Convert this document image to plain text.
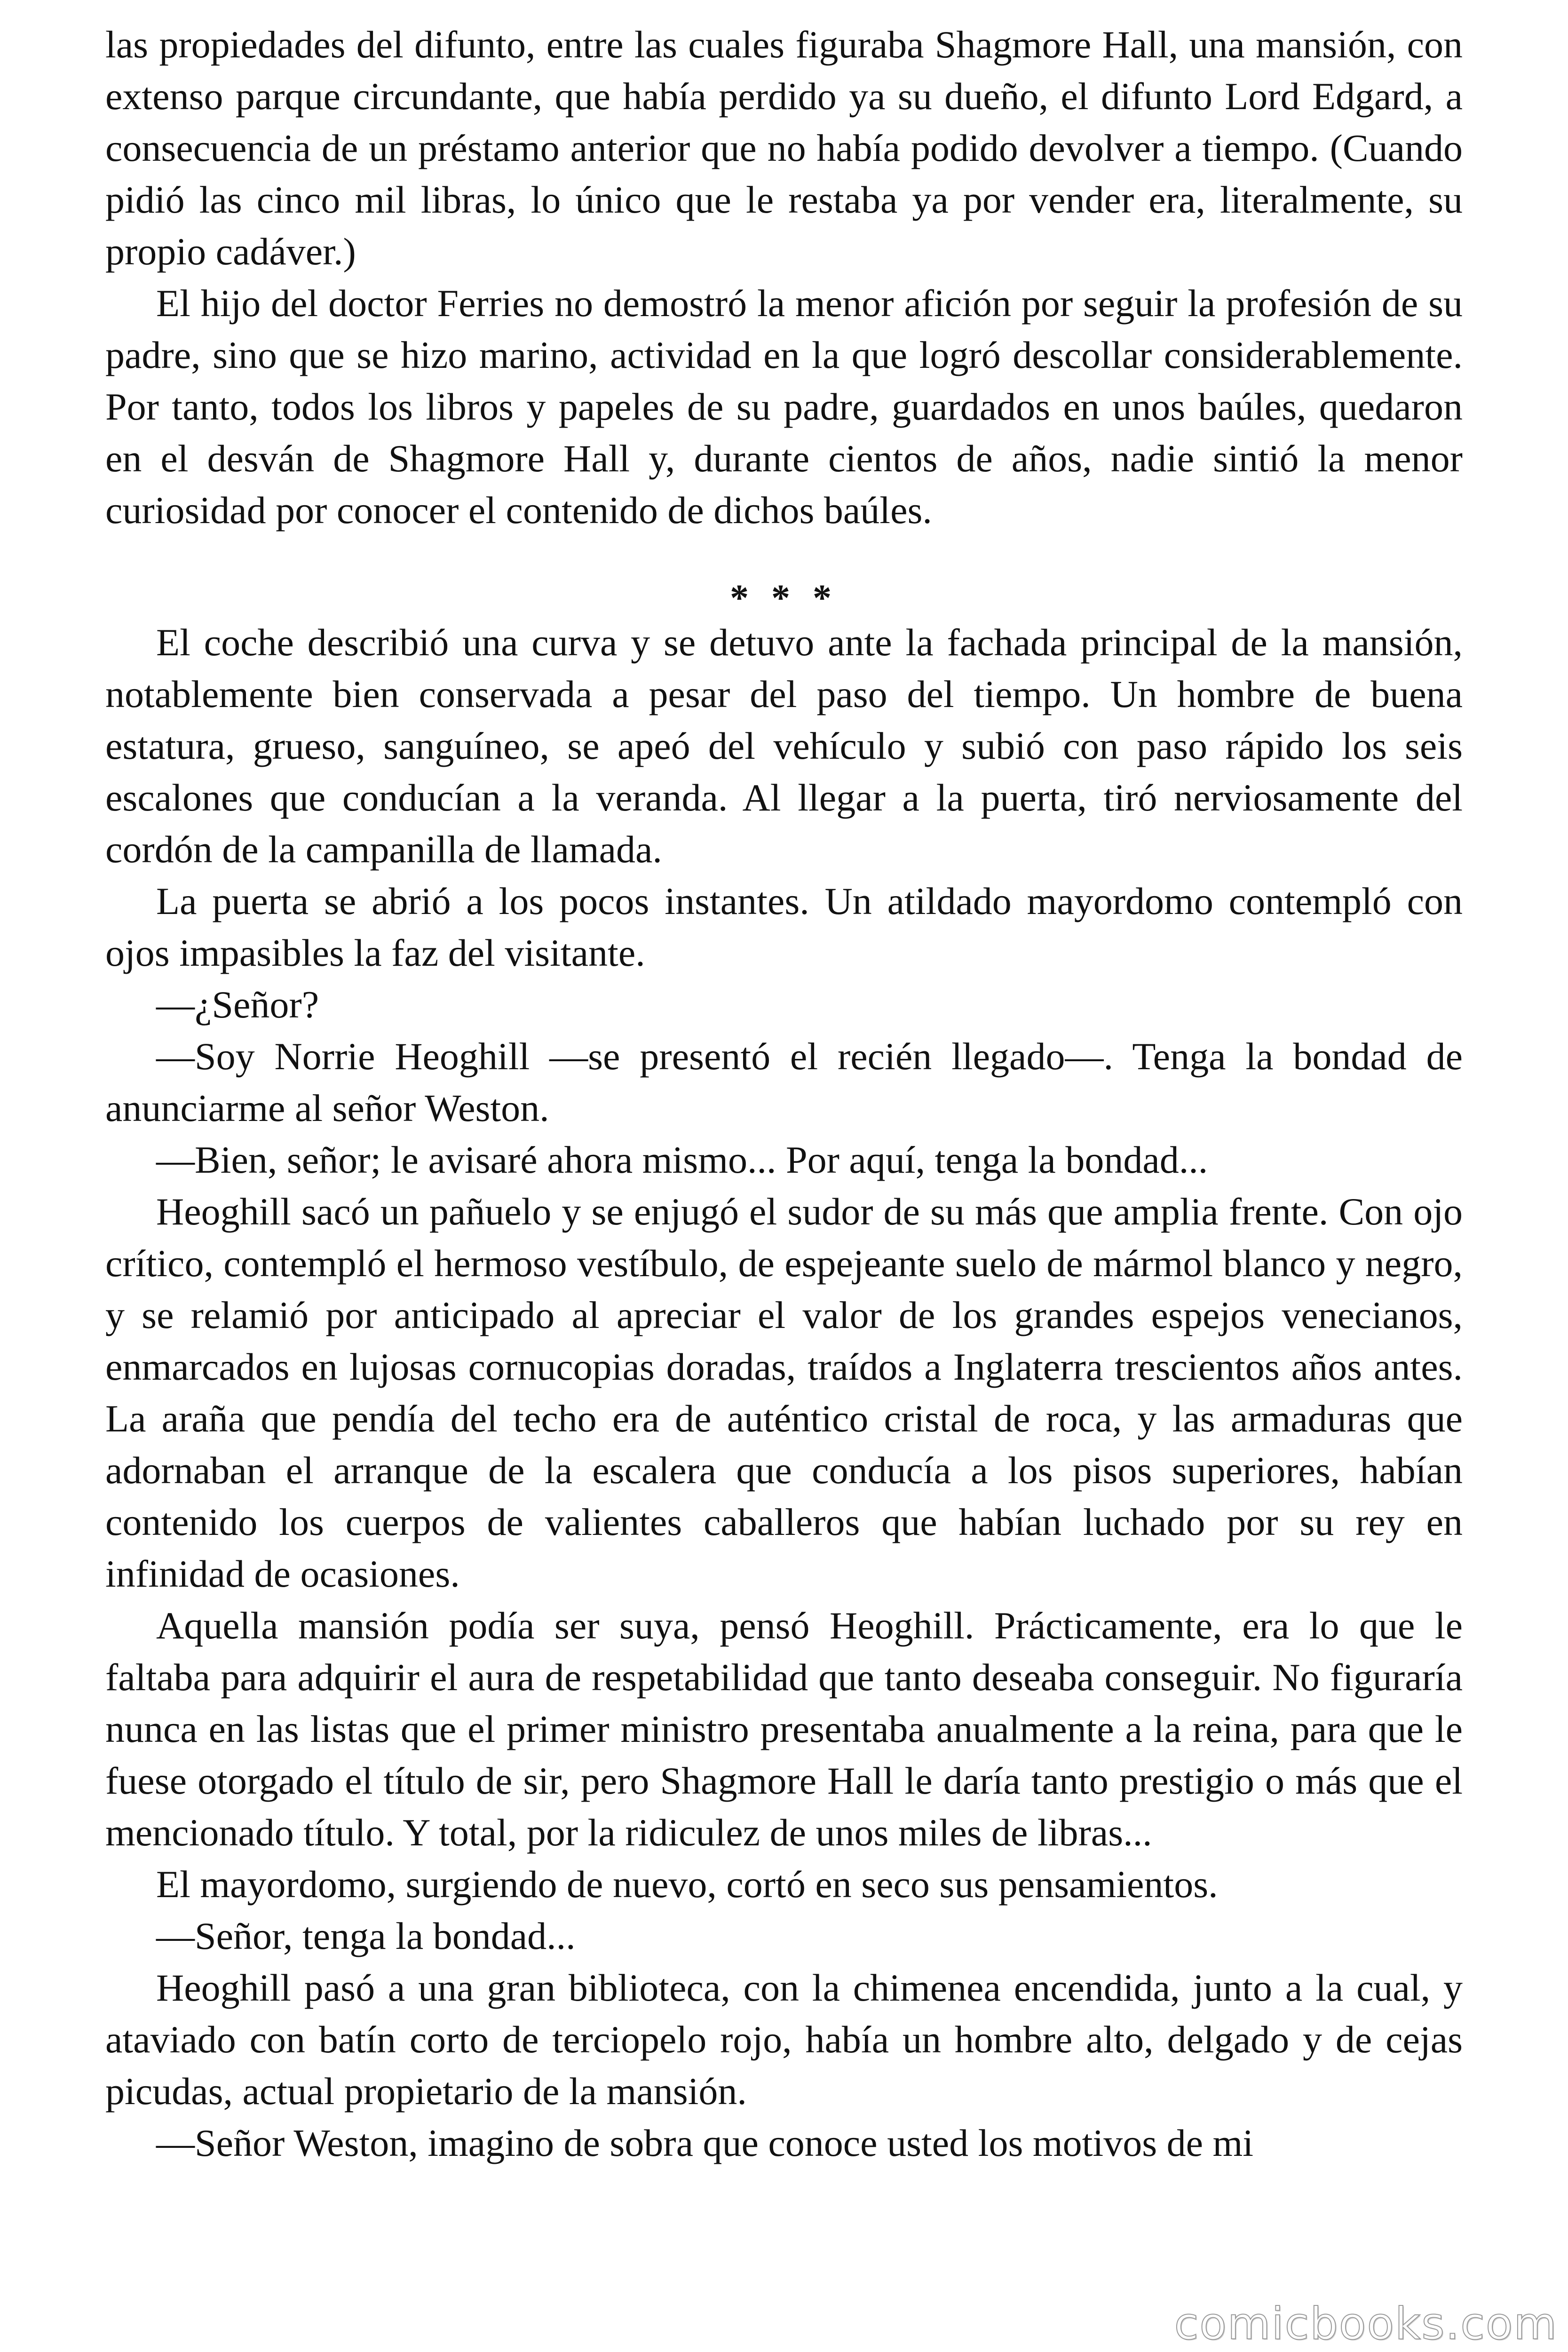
las propiedades del difunto, entre las cuales figuraba Shagmore Hall, una mansión, con extenso parque circundante, que había perdido ya su dueño, el difunto Lord Edgard, a consecuencia de un préstamo anterior que no había podido devolver a tiempo. (Cuando pidió las cinco mil libras, lo único que le restaba ya por vender era, literalmente, su propio cadáver.)

El hijo del doctor Ferries no demostró la menor afición por seguir la profesión de su padre, sino que se hizo marino, actividad en la que logró descollar considerablemente. Por tanto, todos los libros y papeles de su padre, guardados en unos baúles, quedaron en el desván de Shagmore Hall y, durante cientos de años, nadie sintió la menor curiosidad por conocer el contenido de dichos baúles.

* * *

El coche describió una curva y se detuvo ante la fachada principal de la mansión, notablemente bien conservada a pesar del paso del tiempo. Un hombre de buena estatura, grueso, sanguíneo, se apeó del vehículo y subió con paso rápido los seis escalones que conducían a la veranda. Al llegar a la puerta, tiró nerviosamente del cordón de la campanilla de llamada.

La puerta se abrió a los pocos instantes. Un atildado mayordomo contempló con ojos impasibles la faz del visitante.

—¿Señor?

—Soy Norrie Heoghill —se presentó el recién llegado—. Tenga la bondad de anunciarme al señor Weston.

—Bien, señor; le avisaré ahora mismo... Por aquí, tenga la bondad...

Heoghill sacó un pañuelo y se enjugó el sudor de su más que amplia frente. Con ojo crítico, contempló el hermoso vestíbulo, de espejeante suelo de mármol blanco y negro, y se relamió por anticipado al apreciar el valor de los grandes espejos venecianos, enmarcados en lujosas cornucopias doradas, traídos a Inglaterra trescientos años antes. La araña que pendía del techo era de auténtico cristal de roca, y las armaduras que adornaban el arranque de la escalera que conducía a los pisos superiores, habían contenido los cuerpos de valientes caballeros que habían luchado por su rey en infinidad de ocasiones.

Aquella mansión podía ser suya, pensó Heoghill. Prácticamente, era lo que le faltaba para adquirir el aura de respetabilidad que tanto deseaba conseguir. No figuraría nunca en las listas que el primer ministro presentaba anualmente a la reina, para que le fuese otorgado el título de sir, pero Shagmore Hall le daría tanto prestigio o más que el mencionado título. Y total, por la ridiculez de unos miles de libras...

El mayordomo, surgiendo de nuevo, cortó en seco sus pensamientos.

—Señor, tenga la bondad...

Heoghill pasó a una gran biblioteca, con la chimenea encendida, junto a la cual, y ataviado con batín corto de terciopelo rojo, había un hombre alto, delgado y de cejas picudas, actual propietario de la mansión.

—Señor Weston, imagino de sobra que conoce usted los motivos de mi

comicbooks.com
